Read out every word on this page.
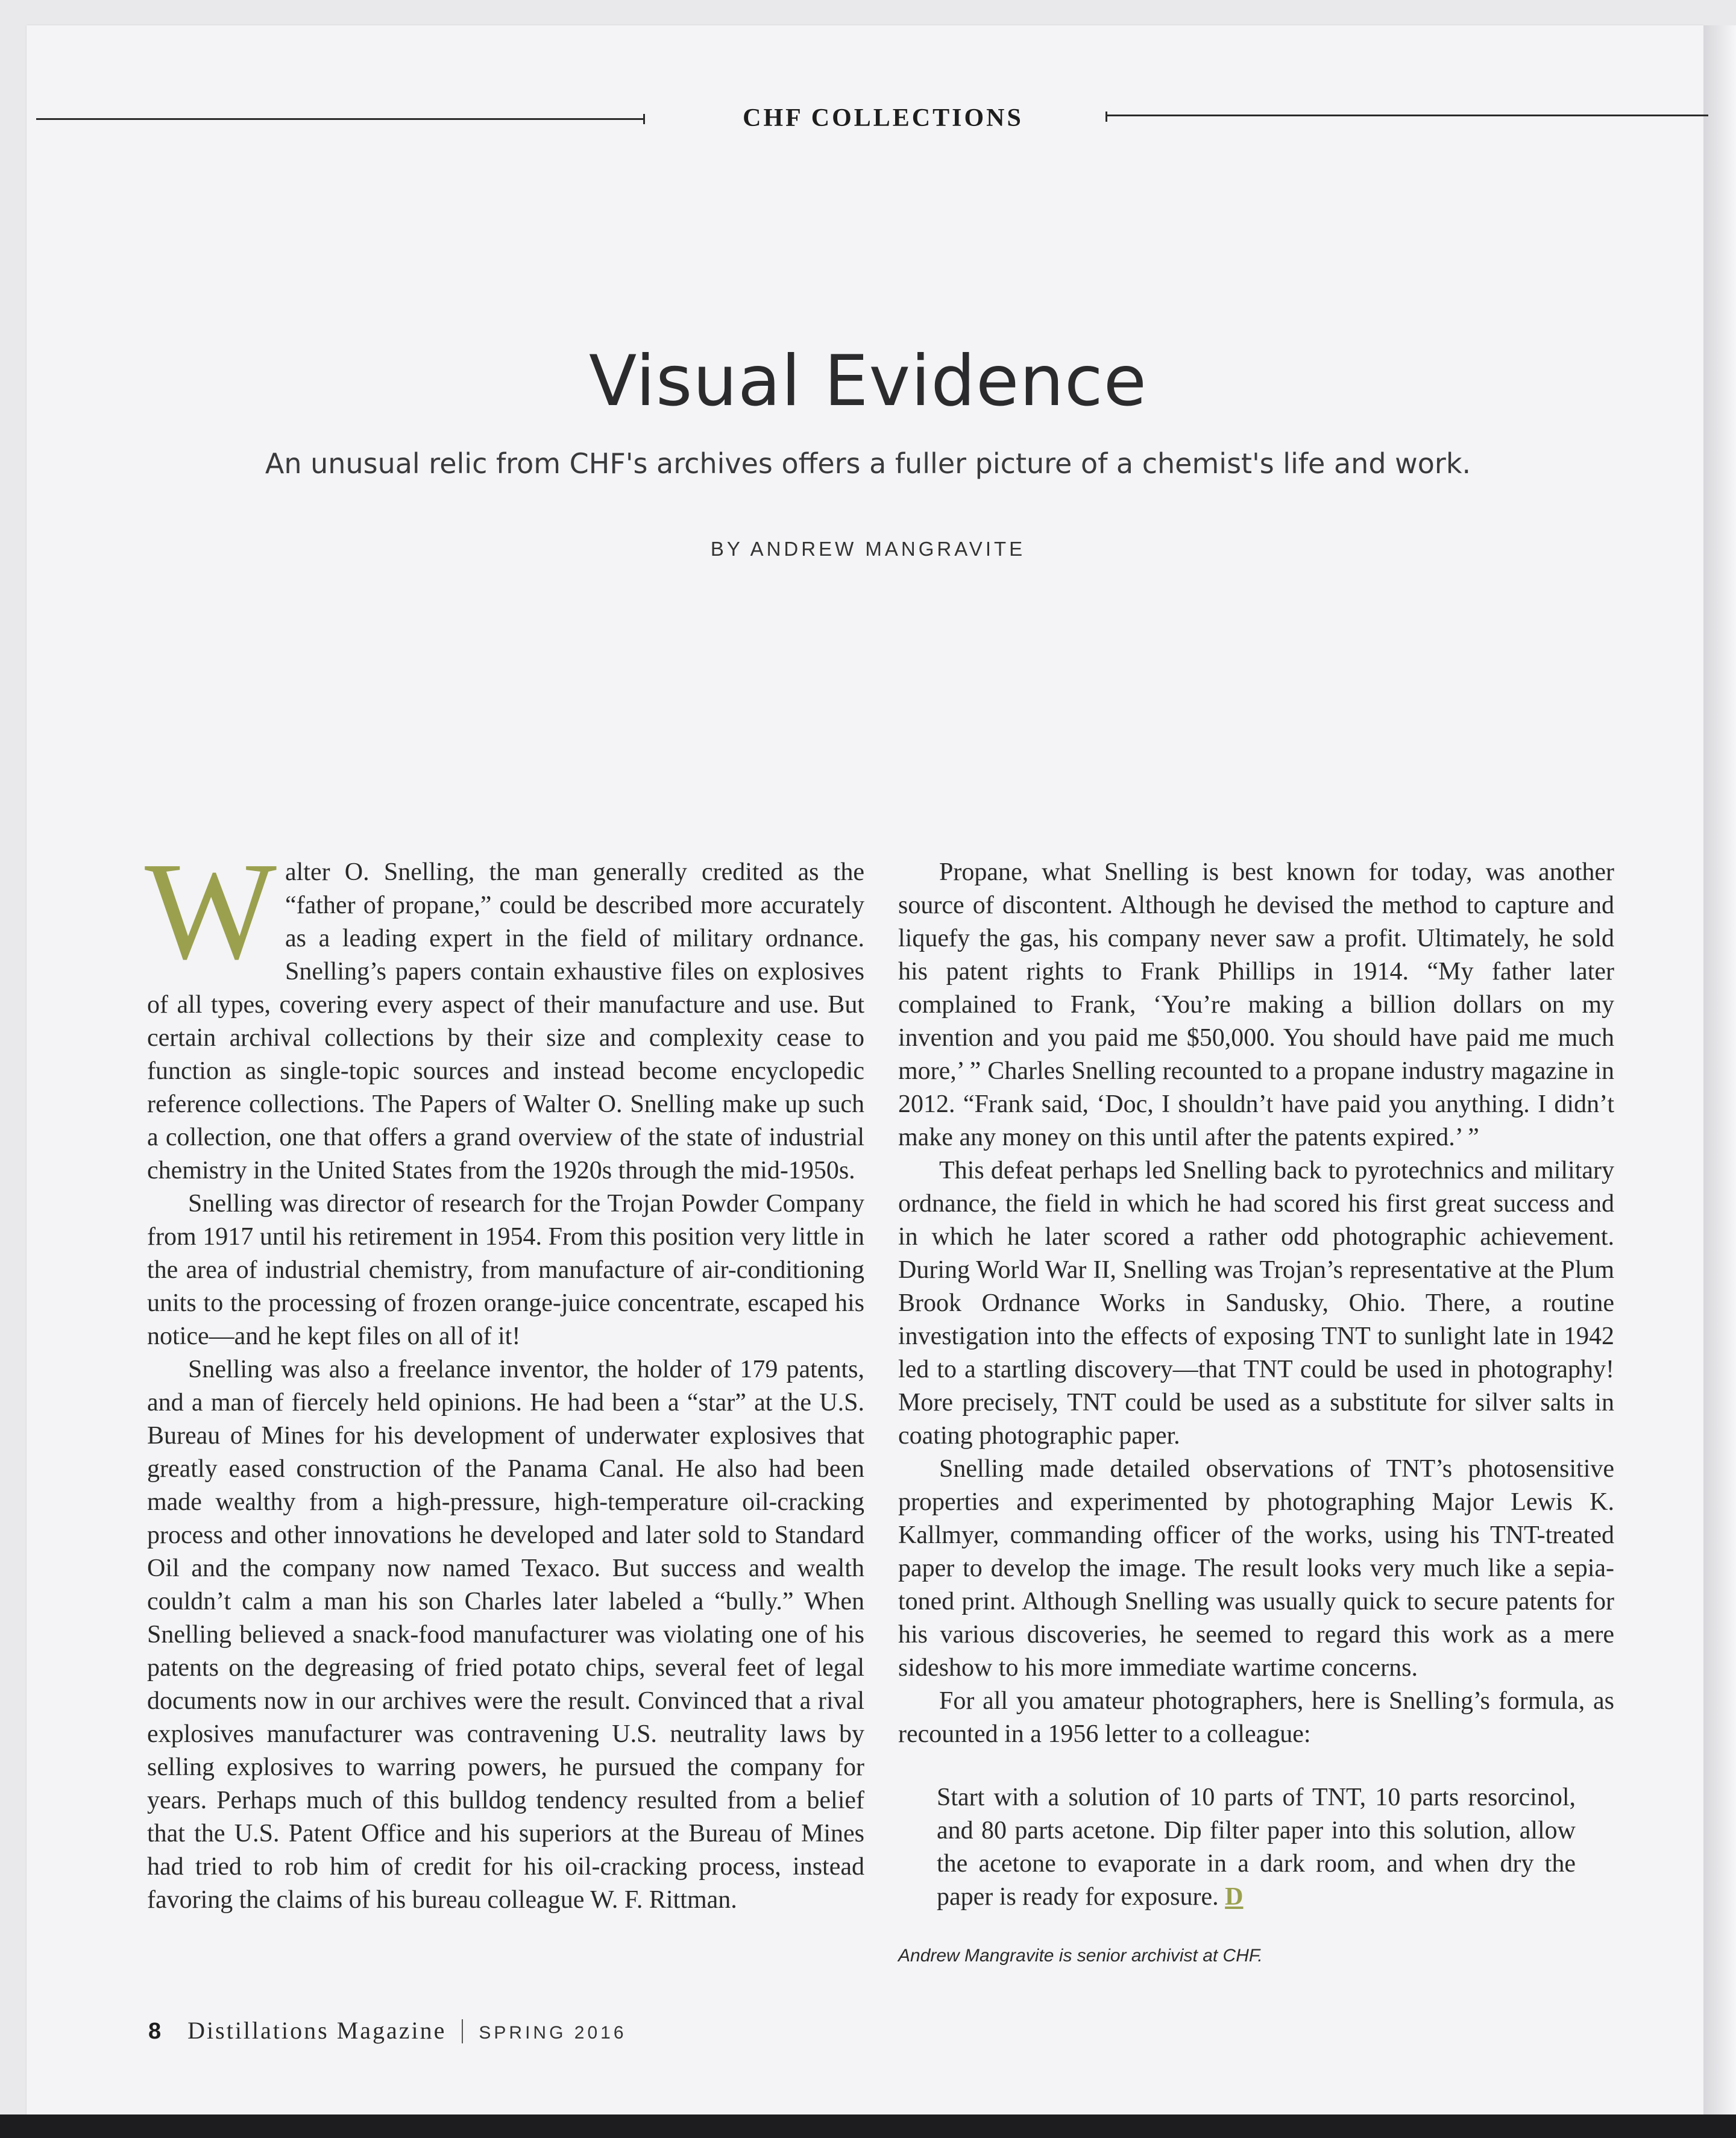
CHF COLLECTIONS
Visual Evidence
An unusual relic from CHF's archives offers a fuller picture of a chemist's life and work.
BY ANDREW MANGRAVITE

Walter O. Snelling, the man generally credited as the “father of propane,” could be described more accurately as a leading expert in the field of military ordnance. Snelling’s papers contain exhaustive files on explosives of all types, covering every aspect of their manufacture and use. But certain archival collections by their size and complexity cease to function as single-topic sources and instead become encyclopedic reference collections. The Papers of Walter O. Snelling make up such a collection, one that offers a grand overview of the state of industrial chemistry in the United States from the 1920s through the mid-1950s.

Snelling was director of research for the Trojan Powder Company from 1917 until his retirement in 1954. From this position very little in the area of industrial chemistry, from manufacture of air-conditioning units to the processing of frozen orange-juice concentrate, escaped his notice—and he kept files on all of it!

Snelling was also a freelance inventor, the holder of 179 patents, and a man of fiercely held opinions. He had been a “star” at the U.S. Bureau of Mines for his development of underwater explosives that greatly eased construction of the Panama Canal. He also had been made wealthy from a high-pressure, high-temperature oil-cracking process and other innovations he developed and later sold to Standard Oil and the company now named Texaco. But success and wealth couldn’t calm a man his son Charles later labeled a “bully.” When Snelling believed a snack-food manufacturer was violating one of his patents on the degreasing of fried potato chips, several feet of legal documents now in our archives were the result. Convinced that a rival explosives manufacturer was contravening U.S. neutrality laws by selling explosives to warring powers, he pursued the company for years. Perhaps much of this bulldog tendency resulted from a belief that the U.S. Patent Office and his superiors at the Bureau of Mines had tried to rob him of credit for his oil-cracking process, instead favoring the claims of his bureau colleague W. F. Rittman.

Propane, what Snelling is best known for today, was another source of discontent. Although he devised the method to capture and liquefy the gas, his company never saw a profit. Ultimately, he sold his patent rights to Frank Phillips in 1914. “My father later complained to Frank, ‘You’re making a billion dollars on my invention and you paid me $50,000. You should have paid me much more,’ ” Charles Snelling recounted to a propane industry magazine in 2012. “Frank said, ‘Doc, I shouldn’t have paid you anything. I didn’t make any money on this until after the patents expired.’ ”

This defeat perhaps led Snelling back to pyrotechnics and military ordnance, the field in which he had scored his first great success and in which he later scored a rather odd photographic achievement. During World War II, Snelling was Trojan’s representative at the Plum Brook Ordnance Works in Sandusky, Ohio. There, a routine investigation into the effects of exposing TNT to sunlight late in 1942 led to a startling discovery—that TNT could be used in photography! More precisely, TNT could be used as a substitute for silver salts in coating photographic paper.

Snelling made detailed observations of TNT’s photosensitive properties and experimented by photographing Major Lewis K. Kallmyer, commanding officer of the works, using his TNT-treated paper to develop the image. The result looks very much like a sepia-toned print. Although Snelling was usually quick to secure patents for his various discoveries, he seemed to regard this work as a mere sideshow to his more immediate wartime concerns.

For all you amateur photographers, here is Snelling’s formula, as recounted in a 1956 letter to a colleague:

Start with a solution of 10 parts of TNT, 10 parts resorcinol, and 80 parts acetone. Dip filter paper into this solution, allow the acetone to evaporate in a dark room, and when dry the paper is ready for exposure. D
Andrew Mangravite is senior archivist at CHF.
8 Distillations Magazine SPRING 2016
